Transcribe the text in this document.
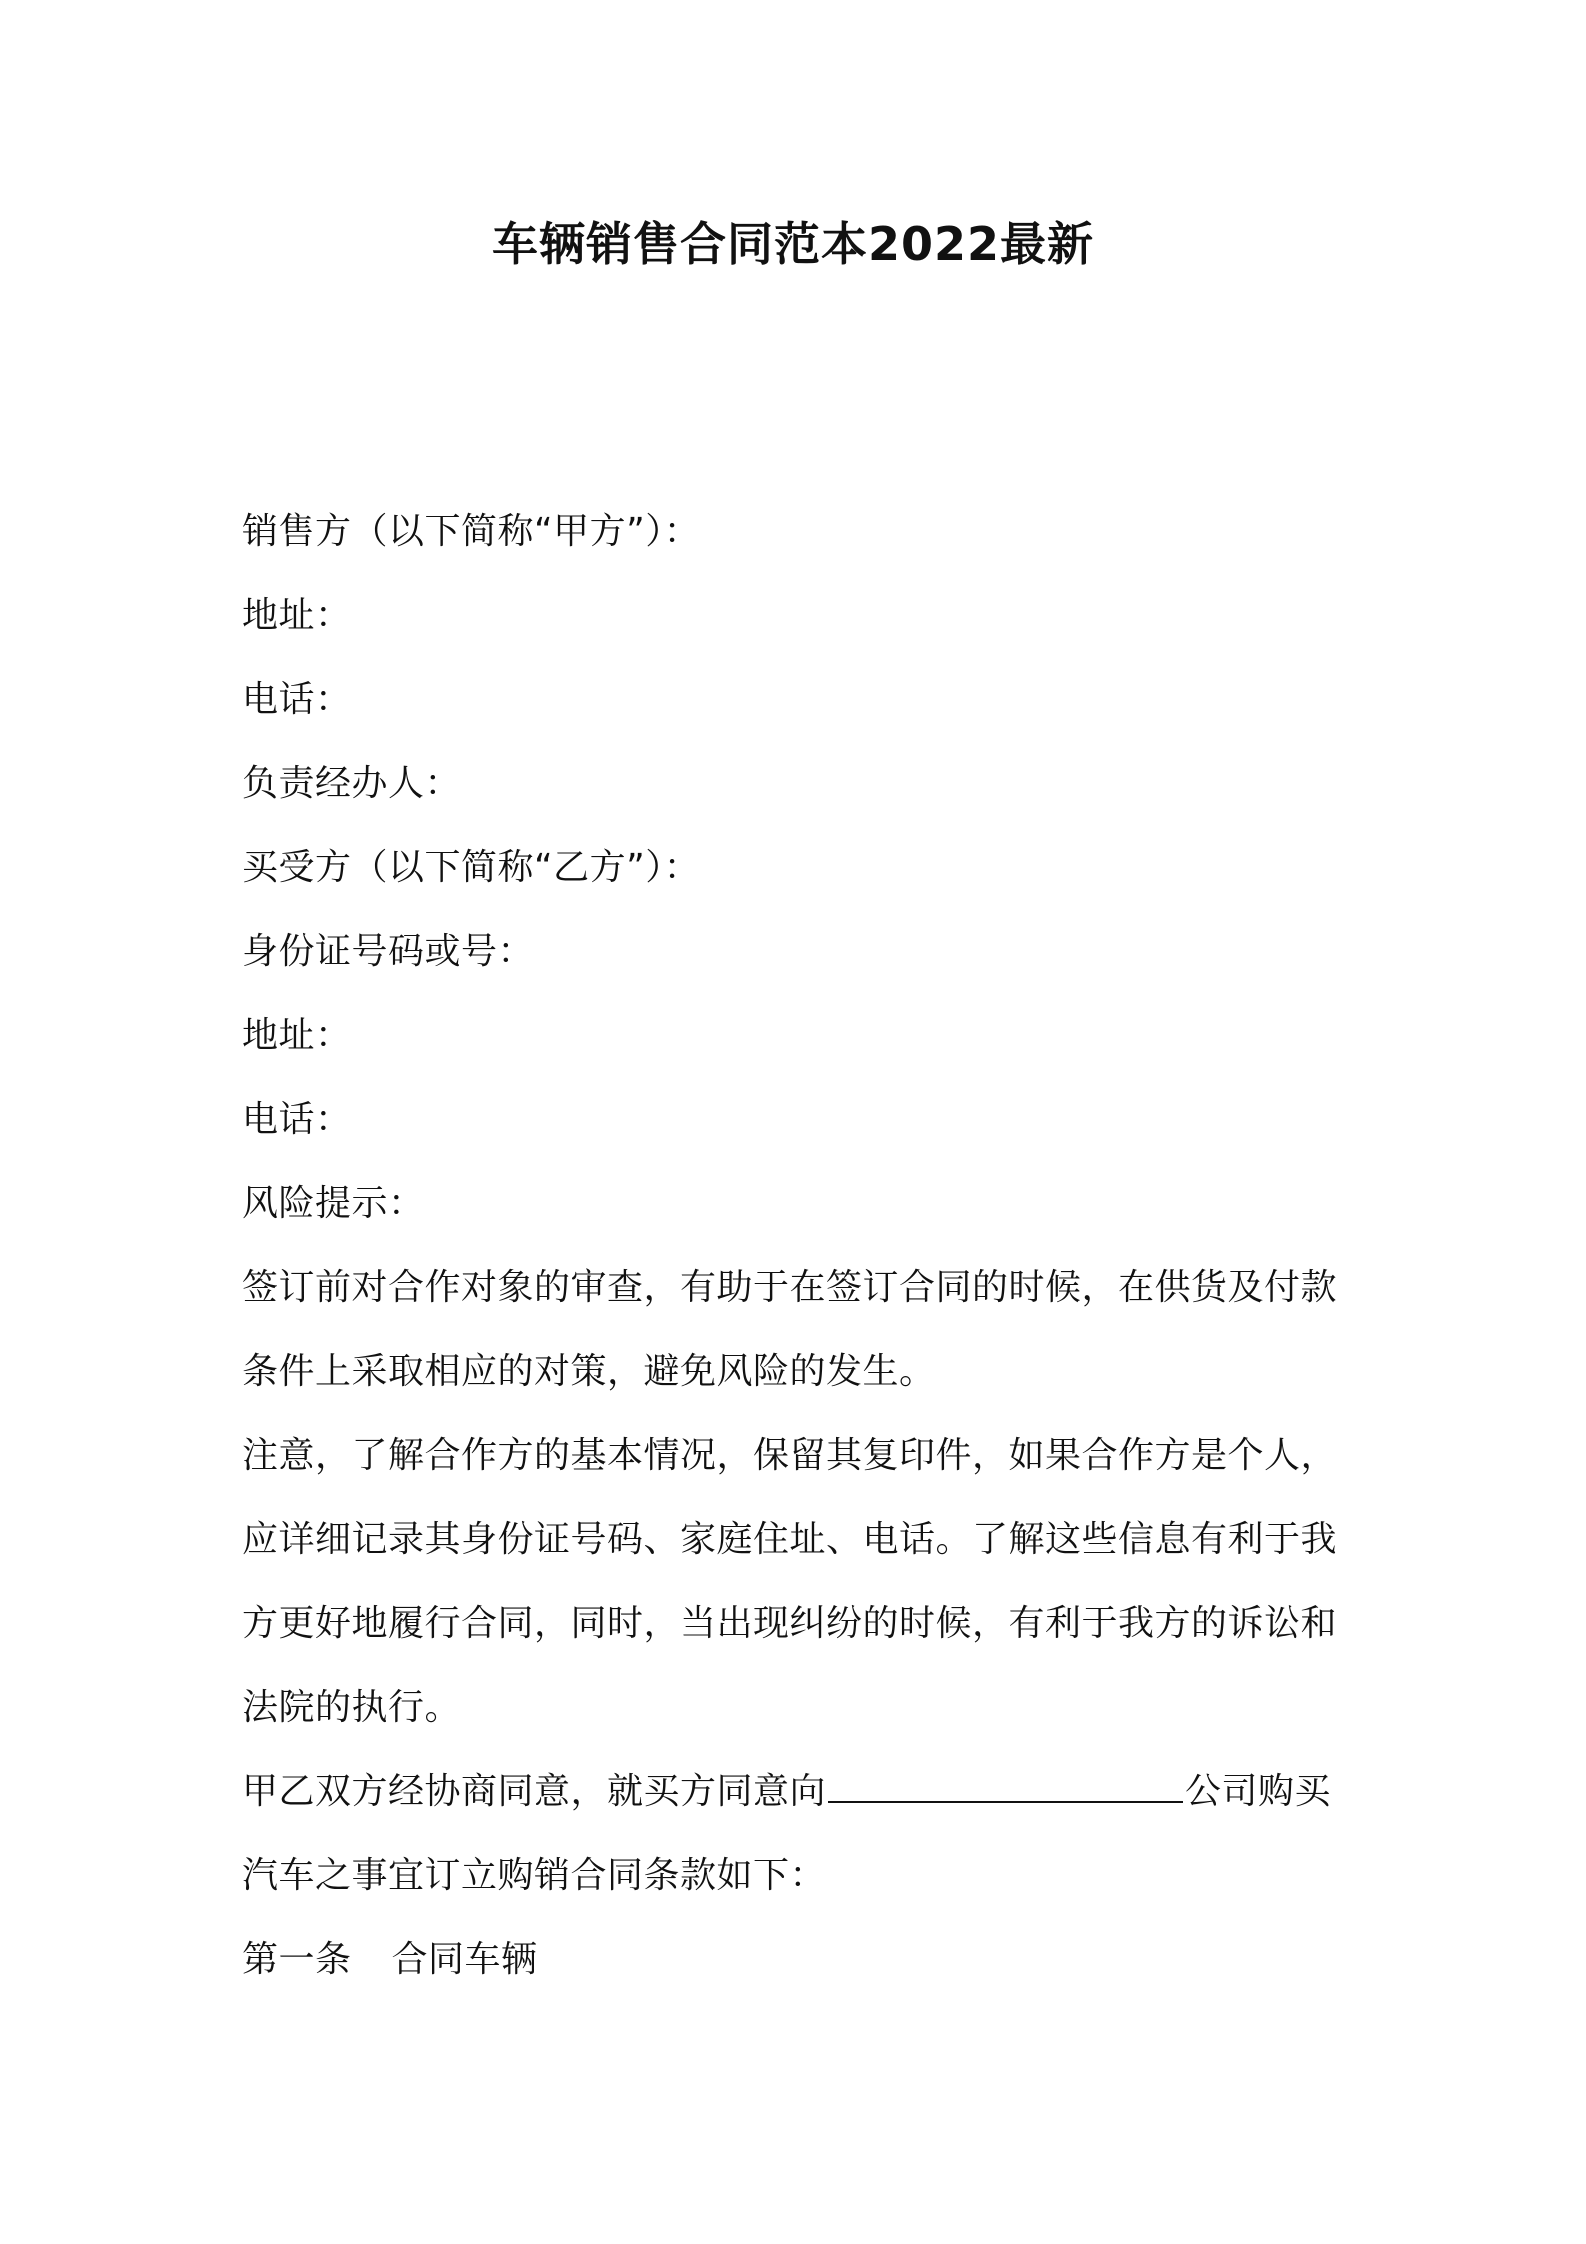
车辆销售合同范本2022最新
销售方（以下简称“甲方”）：
地址：
电话：
负责经办人：
买受方（以下简称“乙方”）：
身份证号码或号：
地址：
电话：
风险提示：
签订前对合作对象的审查，有助于在签订合同的时候，在供货及付款
条件上采取相应的对策，避免风险的发生。
注意，了解合作方的基本情况，保留其复印件，如果合作方是个人，
应详细记录其身份证号码、家庭住址、电话。了解这些信息有利于我
方更好地履行合同，同时，当出现纠纷的时候，有利于我方的诉讼和
法院的执行。
甲乙双方经协商同意，就买方同意向	公司购买
汽车之事宜订立购销合同条款如下：
第一条 合同车辆
